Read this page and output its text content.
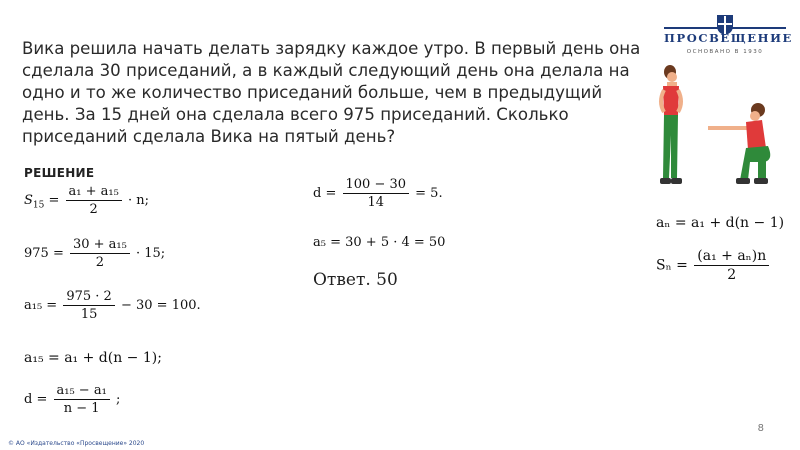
ПРОСВЕЩЕНИЕ
ОСНОВАНО В 1930
Вика решила начать делать зарядку каждое утро. В первый день она сделала 30 приседаний, а в каждый следующий день она делала на одно и то же количество приседаний больше, чем в предыдущий день. За 15 дней она сделала всего 975 приседаний. Сколько приседаний сделала Вика на пятый день?
РЕШЕНИЕ
$S_{15} = \frac{\text{a₁ + a₁₅}}{2} \cdot n$;
$975 = \frac{\text{30 + a₁₅}}{2} \cdot 15$;
$a_{15} = \frac{975 \cdot 2}{15} - 30 = 100$.
a₁₅ = a₁ + d(n − 1);
$d = \frac{\text{a₁₅ − a₁}}{n - 1}$ ;
$d = \frac{100 - 30}{14} = 5$.
a₅ = 30 + 5 · 4 = 50
Ответ. 50
aₙ = a₁ + d(n − 1)
$S_n = \frac{\text{(a₁ + aₙ)n}}{2}$
8
© АО «Издательство «Просвещение» 2020
